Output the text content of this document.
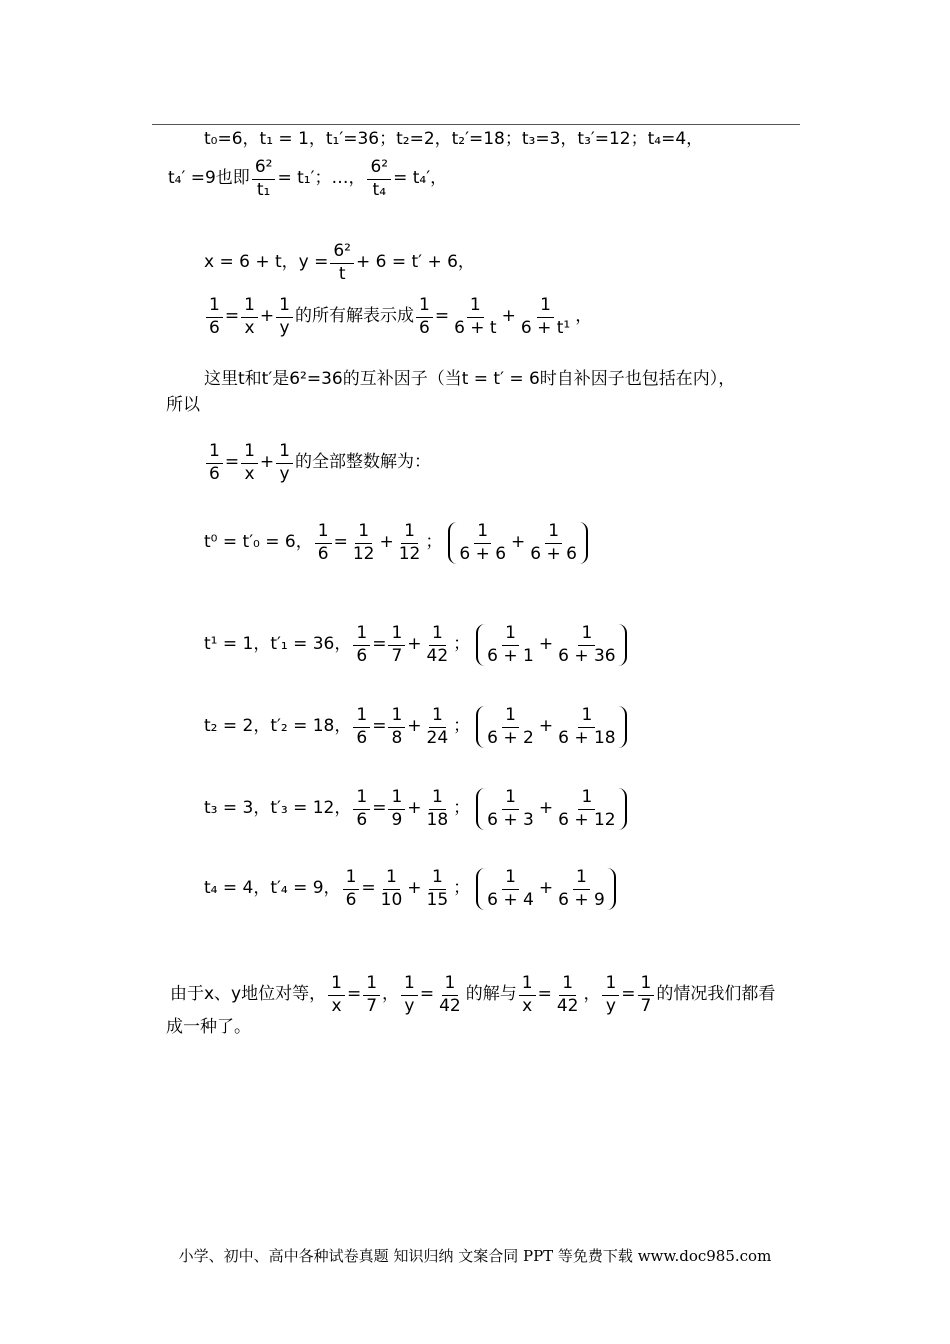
t₀=6，t₁ = 1，t₁′=36；t₂=2，t₂′=18；t₃=3，t₃′=12；t₄=4，
t₄′ =9也即 $\frac{\text{6²}}{\text{t₁}} = t_1'$；…， $\frac{\text{6²}}{\text{t₄}} = t_4'$，
x = 6 + t，$y = \frac{\text{6²}}{t} + 6 = t' + 6$，
$\frac{1}{6} = \frac{1}{x} + \frac{1}{y}$ 的所有解表示成 $\frac{1}{6} = \frac{1}{6 + t} + \frac{1}{\text{6 + t¹}}$ ，
这里t和t′是6²=36的互补因子（当t = t′ = 6时自补因子也包括在内），
所以
$\frac{1}{6} = \frac{1}{x} + \frac{1}{y}$ 的全部整数解为：
t⁰ = t′₀ = 6， $\frac{1}{6} = \frac{1}{12} + \frac{1}{12}$ ； $\frac{1}{6 + 6} + \frac{1}{6 + 6}$
t¹ = 1，t′₁ = 36， $\frac{1}{6} = \frac{1}{7} + \frac{1}{42}$ ； $\frac{1}{6 + 1} + \frac{1}{6 + 36}$
t₂ = 2，t′₂ = 18， $\frac{1}{6} = \frac{1}{8} + \frac{1}{24}$ ； $\frac{1}{6 + 2} + \frac{1}{6 + 18}$
t₃ = 3，t′₃ = 12， $\frac{1}{6} = \frac{1}{9} + \frac{1}{18}$ ； $\frac{1}{6 + 3} + \frac{1}{6 + 12}$
t₄ = 4，t′₄ = 9， $\frac{1}{6} = \frac{1}{10} + \frac{1}{15}$ ； $\frac{1}{6 + 4} + \frac{1}{6 + 9}$
由于x、y地位对等， $\frac{1}{x} = \frac{1}{7}$ ， $\frac{1}{y} = \frac{1}{42}$ 的解与 $\frac{1}{x} = \frac{1}{42}$ ， $\frac{1}{y} = \frac{1}{7}$ 的情况我们都看
成一种了。
小学、初中、高中各种试卷真题 知识归纳 文案合同 PPT 等免费下载 www.doc985.com
